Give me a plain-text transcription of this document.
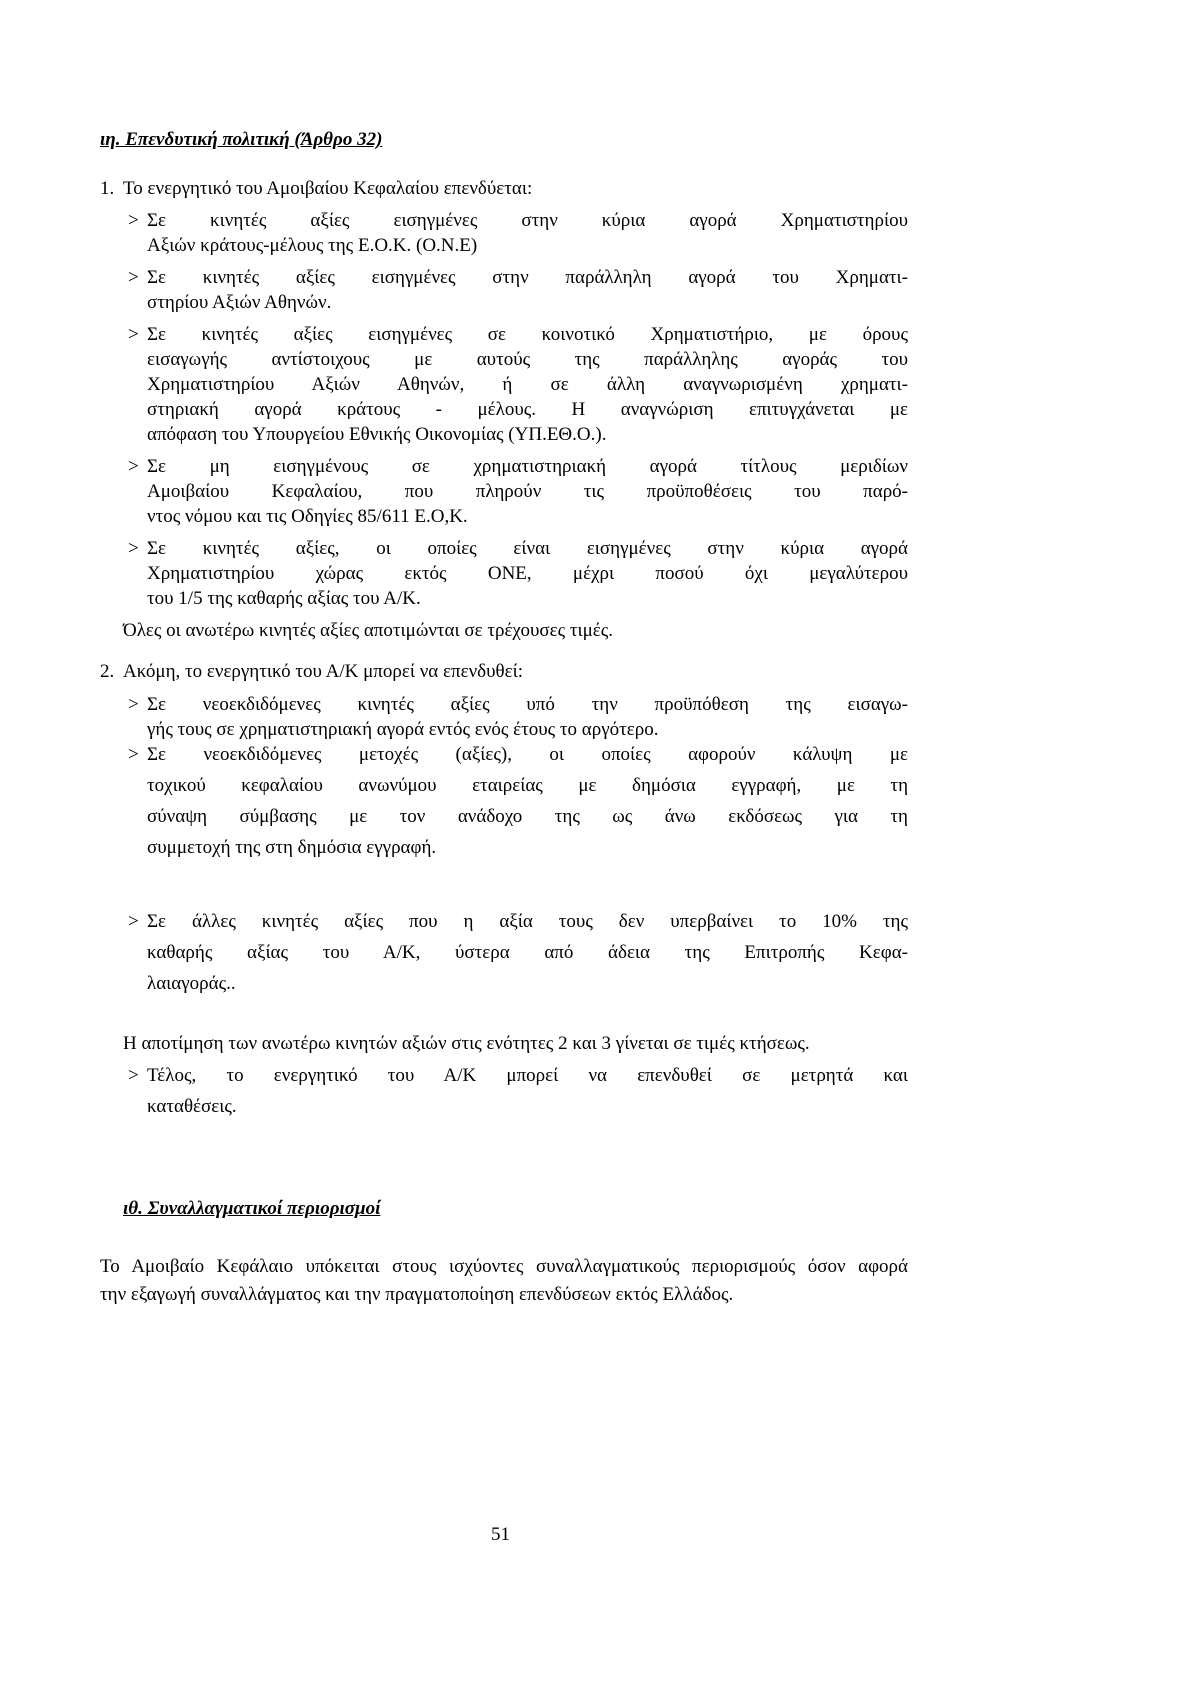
ιη. Επενδυτική πολιτική (Άρθρο 32)
1. Το ενεργητικό του Αμοιβαίου Κεφαλαίου επενδύεται:
> Σε κινητές αξίες εισηγμένες στην κύρια αγορά Χρηματιστηρίου
Αξιών κράτους-μέλους της Ε.Ο.Κ. (Ο.Ν.Ε)
> Σε κινητές αξίες εισηγμένες στην παράλληλη αγορά του Χρηματι-
στηρίου Αξιών Αθηνών.
> Σε κινητές αξίες εισηγμένες σε κοινοτικό Χρηματιστήριο, με όρους
εισαγωγής αντίστοιχους με αυτούς της παράλληλης αγοράς του
Χρηματιστηρίου Αξιών Αθηνών, ή σε άλλη αναγνωρισμένη χρηματι-
στηριακή αγορά κράτους - μέλους. Η αναγνώριση επιτυγχάνεται με
απόφαση του Υπουργείου Εθνικής Οικονομίας (ΥΠ.ΕΘ.Ο.).
> Σε μη εισηγμένους σε χρηματιστηριακή αγορά τίτλους μεριδίων
Αμοιβαίου Κεφαλαίου, που πληρούν τις προϋποθέσεις του παρό-
ντος νόμου και τις Οδηγίες 85/611 Ε.Ο,Κ.
> Σε κινητές αξίες, οι οποίες είναι εισηγμένες στην κύρια αγορά
Χρηματιστηρίου χώρας εκτός ΟΝΕ, μέχρι ποσού όχι μεγαλύτερου
του 1/5 της καθαρής αξίας του Α/Κ.
Όλες οι ανωτέρω κινητές αξίες αποτιμώνται σε τρέχουσες τιμές.
2. Ακόμη, το ενεργητικό του Α/Κ μπορεί να επενδυθεί:
> Σε νεοεκδιδόμενες κινητές αξίες υπό την προϋπόθεση της εισαγω-
γής τους σε χρηματιστηριακή αγορά εντός ενός έτους το αργότερο.
> Σε νεοεκδιδόμενες μετοχές (αξίες), οι οποίες αφορούν κάλυψη με
τοχικού κεφαλαίου ανωνύμου εταιρείας με δημόσια εγγραφή, με τη
σύναψη σύμβασης με τον ανάδοχο της ως άνω εκδόσεως για τη
συμμετοχή της στη δημόσια εγγραφή.
> Σε άλλες κινητές αξίες που η αξία τους δεν υπερβαίνει το 10% της
καθαρής αξίας του Α/Κ, ύστερα από άδεια της Επιτροπής Κεφα-
λαιαγοράς..
Η αποτίμηση των ανωτέρω κινητών αξιών στις ενότητες 2 και 3 γίνεται σε τιμές κτήσεως.
> Τέλος, το ενεργητικό του Α/Κ μπορεί να επενδυθεί σε μετρητά και
καταθέσεις.
ιθ. Συναλλαγματικοί περιορισμοί
Το Αμοιβαίο Κεφάλαιο υπόκειται στους ισχύοντες συναλλαγματικούς περιορισμούς όσον αφορά
την εξαγωγή συναλλάγματος και την πραγματοποίηση επενδύσεων εκτός Ελλάδος.
51
